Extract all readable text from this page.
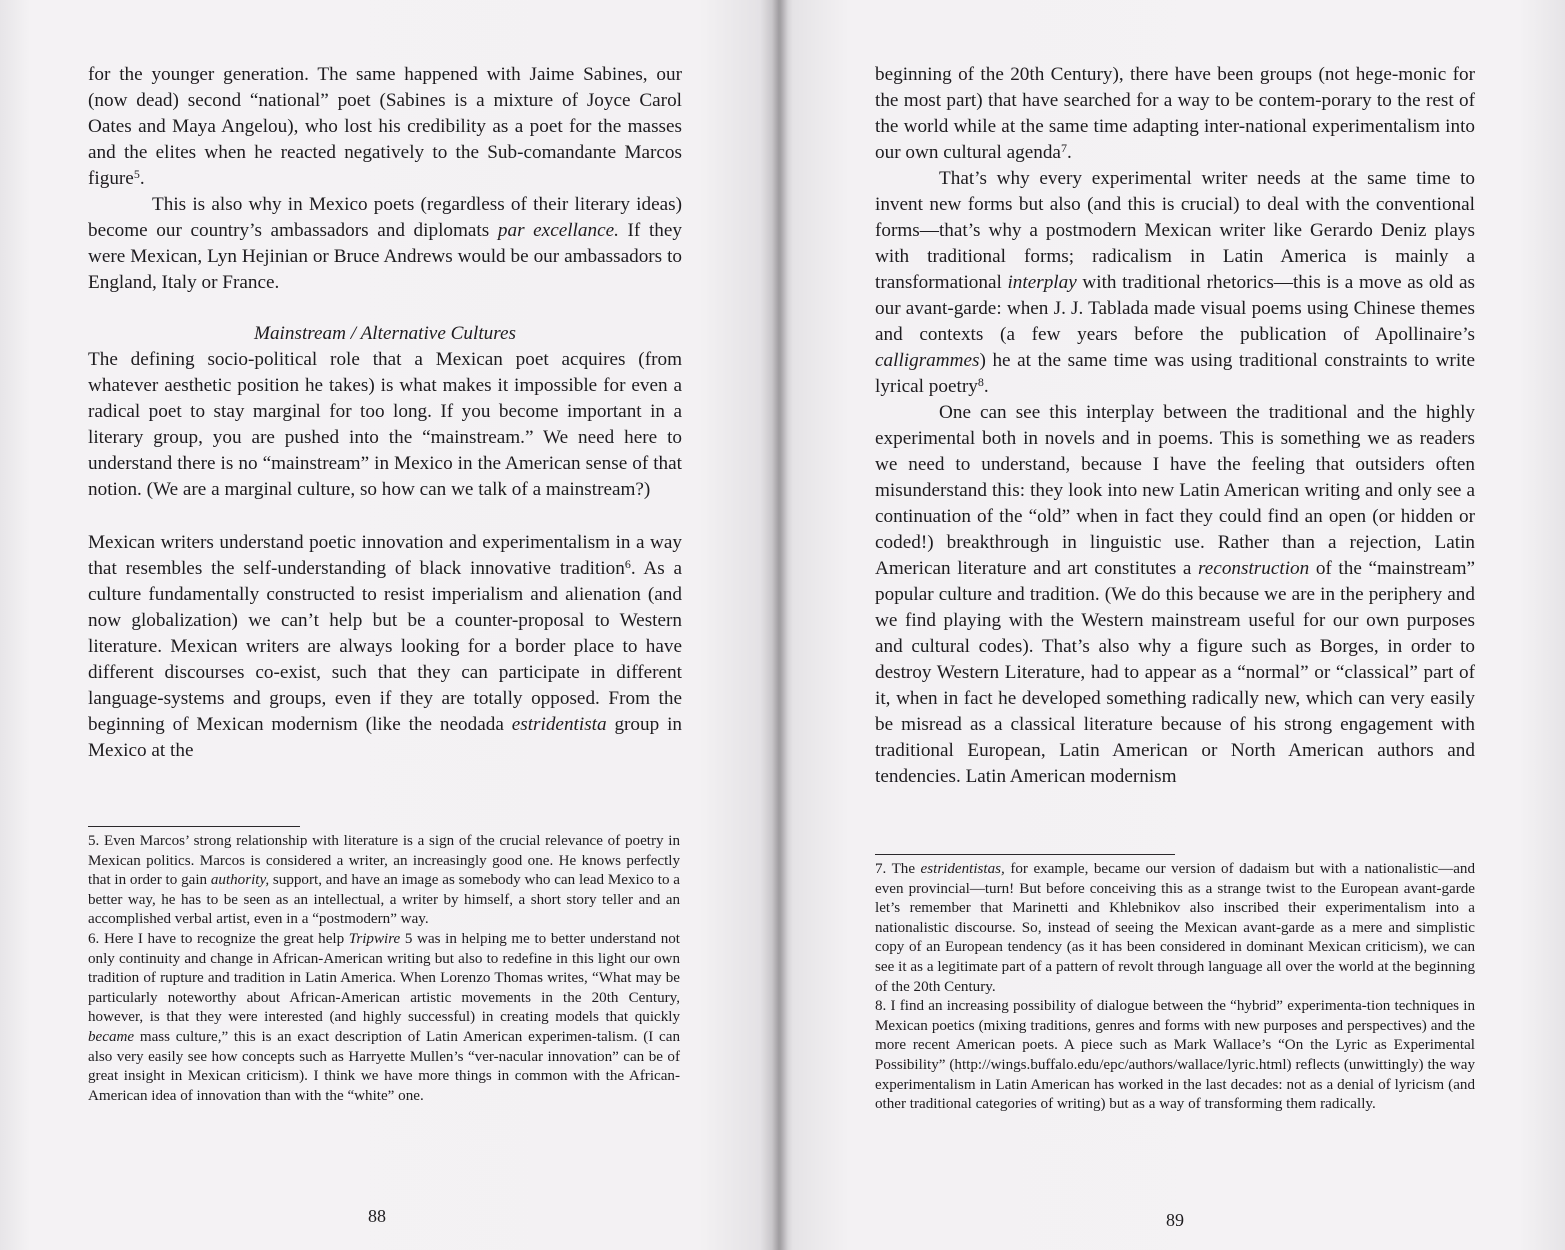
for the younger generation. The same happened with Jaime Sabines, our (now dead) second “national” poet (Sabines is a mixture of Joyce Carol Oates and Maya Angelou), who lost his credibility as a poet for the masses and the elites when he reacted negatively to the Sub-comandante Marcos figure$^5$.

This is also why in Mexico poets (regardless of their literary ideas) become our country’s ambassadors and diplomats par excellance. If they were Mexican, Lyn Hejinian or Bruce Andrews would be our ambassadors to England, Italy or France.

Mainstream / Alternative Cultures

The defining socio-political role that a Mexican poet acquires (from whatever aesthetic position he takes) is what makes it impossible for even a radical poet to stay marginal for too long. If you become important in a literary group, you are pushed into the “mainstream.” We need here to understand there is no “mainstream” in Mexico in the American sense of that notion. (We are a marginal culture, so how can we talk of a mainstream?)

Mexican writers understand poetic innovation and experimentalism in a way that resembles the self-understanding of black innovative tradition$^6$. As a culture fundamentally constructed to resist imperialism and alienation (and now globalization) we can’t help but be a counter-proposal to Western literature. Mexican writers are always looking for a border place to have different discourses co-exist, such that they can participate in different language-systems and groups, even if they are totally opposed. From the beginning of Mexican modernism (like the neodada estridentista group in Mexico at the

5. Even Marcos’ strong relationship with literature is a sign of the crucial relevance of poetry in Mexican politics. Marcos is considered a writer, an increasingly good one. He knows perfectly that in order to gain authority, support, and have an image as somebody who can lead Mexico to a better way, he has to be seen as an intellectual, a writer by himself, a short story teller and an accomplished verbal artist, even in a “postmodern” way.

6. Here I have to recognize the great help Tripwire 5 was in helping me to better understand not only continuity and change in African-American writing but also to redefine in this light our own tradition of rupture and tradition in Latin America. When Lorenzo Thomas writes, “What may be particularly noteworthy about African-American artistic movements in the 20th Century, however, is that they were interested (and highly successful) in creating models that quickly became mass culture,” this is an exact description of Latin American experimen-talism. (I can also very easily see how concepts such as Harryette Mullen’s “ver-nacular innovation” can be of great insight in Mexican criticism). I think we have more things in common with the African-American idea of innovation than with the “white” one.

88

beginning of the 20th Century), there have been groups (not hege-monic for the most part) that have searched for a way to be contem-porary to the rest of the world while at the same time adapting inter-national experimentalism into our own cultural agenda$^7$.

That’s why every experimental writer needs at the same time to invent new forms but also (and this is crucial) to deal with the conventional forms—that’s why a postmodern Mexican writer like Gerardo Deniz plays with traditional forms; radicalism in Latin America is mainly a transformational interplay with traditional rhetorics—this is a move as old as our avant-garde: when J. J. Tablada made visual poems using Chinese themes and contexts (a few years before the publication of Apollinaire’s calligrammes) he at the same time was using traditional constraints to write lyrical poetry$^8$.

One can see this interplay between the traditional and the highly experimental both in novels and in poems. This is something we as readers we need to understand, because I have the feeling that outsiders often misunderstand this: they look into new Latin American writing and only see a continuation of the “old” when in fact they could find an open (or hidden or coded!) breakthrough in linguistic use. Rather than a rejection, Latin American literature and art constitutes a reconstruction of the “mainstream” popular culture and tradition. (We do this because we are in the periphery and we find playing with the Western mainstream useful for our own purposes and cultural codes). That’s also why a figure such as Borges, in order to destroy Western Literature, had to appear as a “normal” or “classical” part of it, when in fact he developed something radically new, which can very easily be misread as a classical literature because of his strong engagement with traditional European, Latin American or North American authors and tendencies. Latin American modernism

7. The estridentistas, for example, became our version of dadaism but with a nationalistic—and even provincial—turn! But before conceiving this as a strange twist to the European avant-garde let’s remember that Marinetti and Khlebnikov also inscribed their experimentalism into a nationalistic discourse. So, instead of seeing the Mexican avant-garde as a mere and simplistic copy of an European tendency (as it has been considered in dominant Mexican criticism), we can see it as a legitimate part of a pattern of revolt through language all over the world at the beginning of the 20th Century.

8. I find an increasing possibility of dialogue between the “hybrid” experimenta-tion techniques in Mexican poetics (mixing traditions, genres and forms with new purposes and perspectives) and the more recent American poets. A piece such as Mark Wallace’s “On the Lyric as Experimental Possibility” (http://wings.buffalo.edu/epc/authors/wallace/lyric.html) reflects (unwittingly) the way experimentalism in Latin American has worked in the last decades: not as a denial of lyricism (and other traditional categories of writing) but as a way of transforming them radically.

89
